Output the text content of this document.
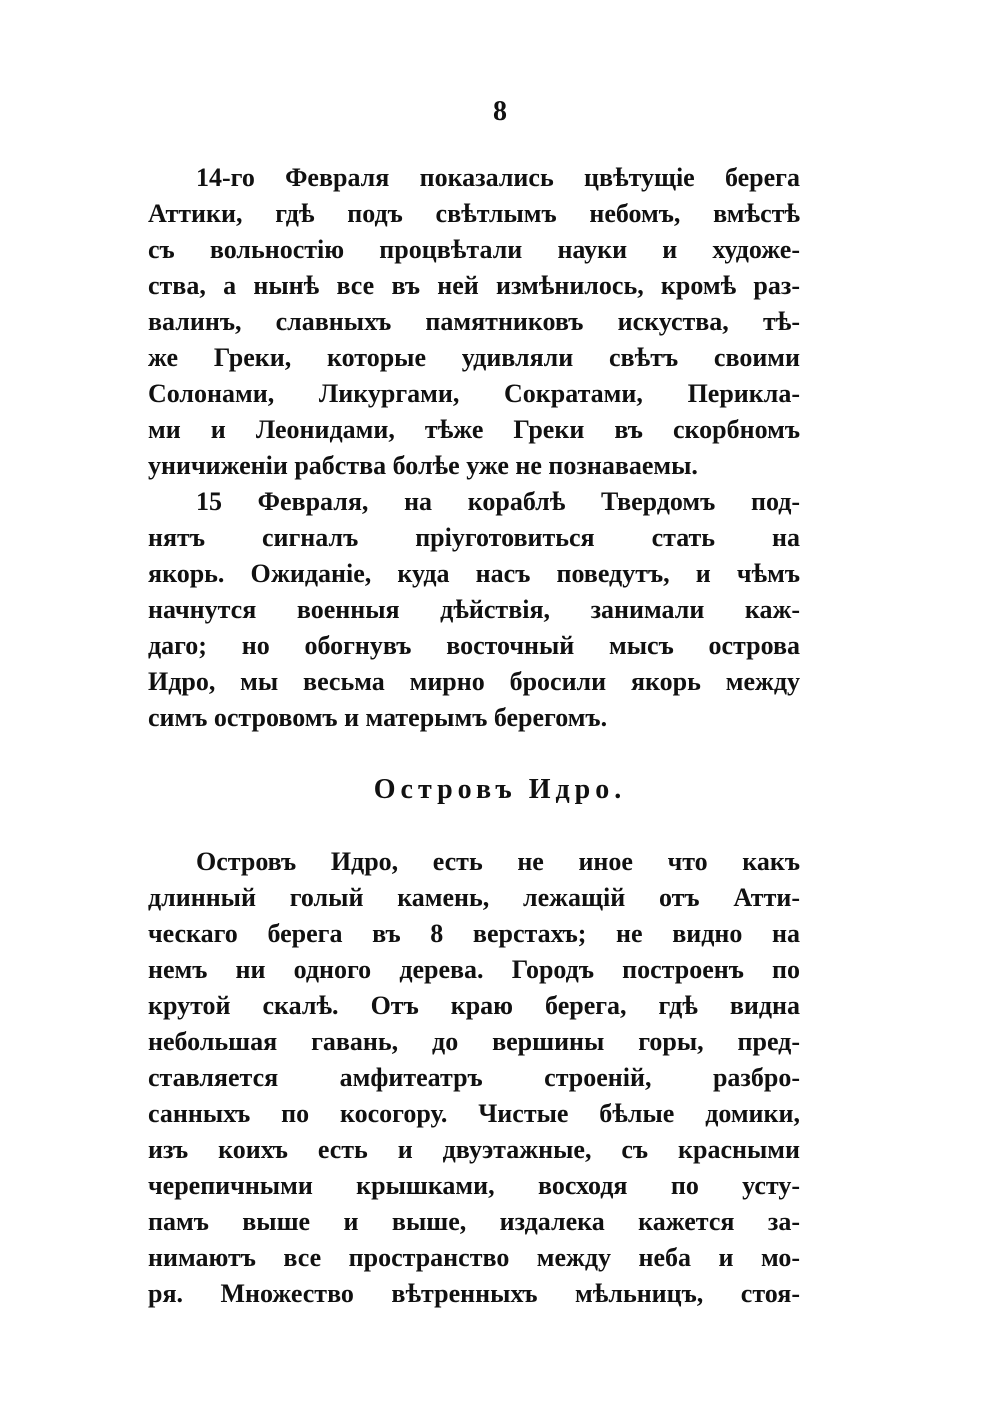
8
14-го Февраля показались цвѣтущіе берега
Аттики, гдѣ подъ свѣтлымъ небомъ, вмѣстѣ
съ вольностію процвѣтали науки и художе-
ства, а нынѣ все въ ней измѣнилось, кромѣ раз-
валинъ, славныхъ памятниковъ искуства, тѣ-
же Греки, которые удивляли свѣтъ своими
Солонами, Ликургами, Сократами, Перикла-
ми и Леонидами, тѣже Греки въ скорбномъ
уничиженіи рабства болѣе уже не познаваемы.
15 Февраля, на кораблѣ Твердомъ под-
нятъ сигналъ пріуготовиться стать на
якорь. Ожиданіе, куда насъ поведутъ, и чѣмъ
начнутся военныя дѣйствія, занимали каж-
даго; но обогнувъ восточный мысъ острова
Идро, мы весьма мирно бросили якорь между
симъ островомъ и матерымъ берегомъ.
Островъ Идро.
Островъ Идро, есть не иное что какъ
длинный голый камень, лежащій отъ Атти-
ческаго берега въ 8 верстахъ; не видно на
немъ ни одного дерева. Городъ построенъ по
крутой скалѣ. Отъ краю берега, гдѣ видна
небольшая гавань, до вершины горы, пред-
ставляется амфитеатръ строеній, разбро-
санныхъ по косогору. Чистые бѣлые домики,
изъ коихъ есть и двуэтажные, съ красными
черепичными крышками, восходя по усту-
памъ выше и выше, издалека кажется за-
нимаютъ все пространство между неба и мо-
ря. Множество вѣтренныхъ мѣльницъ, стоя-
